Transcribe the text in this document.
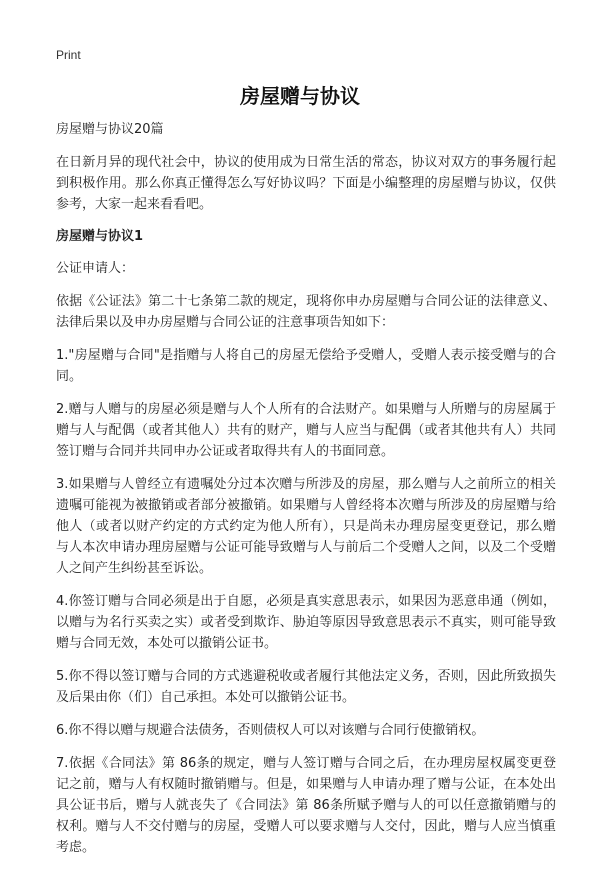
Print
房屋赠与协议

房屋赠与协议20篇

在日新月异的现代社会中，协议的使用成为日常生活的常态，协议对双方的事务履行起到积极作用。那么你真正懂得怎么写好协议吗？下面是小编整理的房屋赠与协议，仅供参考，大家一起来看看吧。

房屋赠与协议1

公证申请人：

依据《公证法》第二十七条第二款的规定，现将你申办房屋赠与合同公证的法律意义、法律后果以及申办房屋赠与合同公证的注意事项告知如下：

1."房屋赠与合同"是指赠与人将自己的房屋无偿给予受赠人，受赠人表示接受赠与的合同。

2.赠与人赠与的房屋必须是赠与人个人所有的合法财产。如果赠与人所赠与的房屋属于赠与人与配偶（或者其他人）共有的财产，赠与人应当与配偶（或者其他共有人）共同签订赠与合同并共同申办公证或者取得共有人的书面同意。

3.如果赠与人曾经立有遗嘱处分过本次赠与所涉及的房屋，那么赠与人之前所立的相关遗嘱可能视为被撤销或者部分被撤销。如果赠与人曾经将本次赠与所涉及的房屋赠与给他人（或者以财产约定的方式约定为他人所有），只是尚未办理房屋变更登记，那么赠与人本次申请办理房屋赠与公证可能导致赠与人与前后二个受赠人之间，以及二个受赠人之间产生纠纷甚至诉讼。

4.你签订赠与合同必须是出于自愿，必须是真实意思表示，如果因为恶意串通（例如，以赠与为名行买卖之实）或者受到欺诈、胁迫等原因导致意思表示不真实，则可能导致赠与合同无效，本处可以撤销公证书。

5.你不得以签订赠与合同的方式逃避税收或者履行其他法定义务，否则，因此所致损失及后果由你（们）自己承担。本处可以撤销公证书。

6.你不得以赠与规避合法债务，否则债权人可以对该赠与合同行使撤销权。

7.依据《合同法》第 86条的规定，赠与人签订赠与合同之后，在办理房屋权属变更登记之前，赠与人有权随时撤销赠与。但是，如果赠与人申请办理了赠与公证，在本处出具公证书后，赠与人就丧失了《合同法》第 86条所赋予赠与人的可以任意撤销赠与的权利。赠与人不交付赠与的房屋，受赠人可以要求赠与人交付，因此，赠与人应当慎重考虑。
